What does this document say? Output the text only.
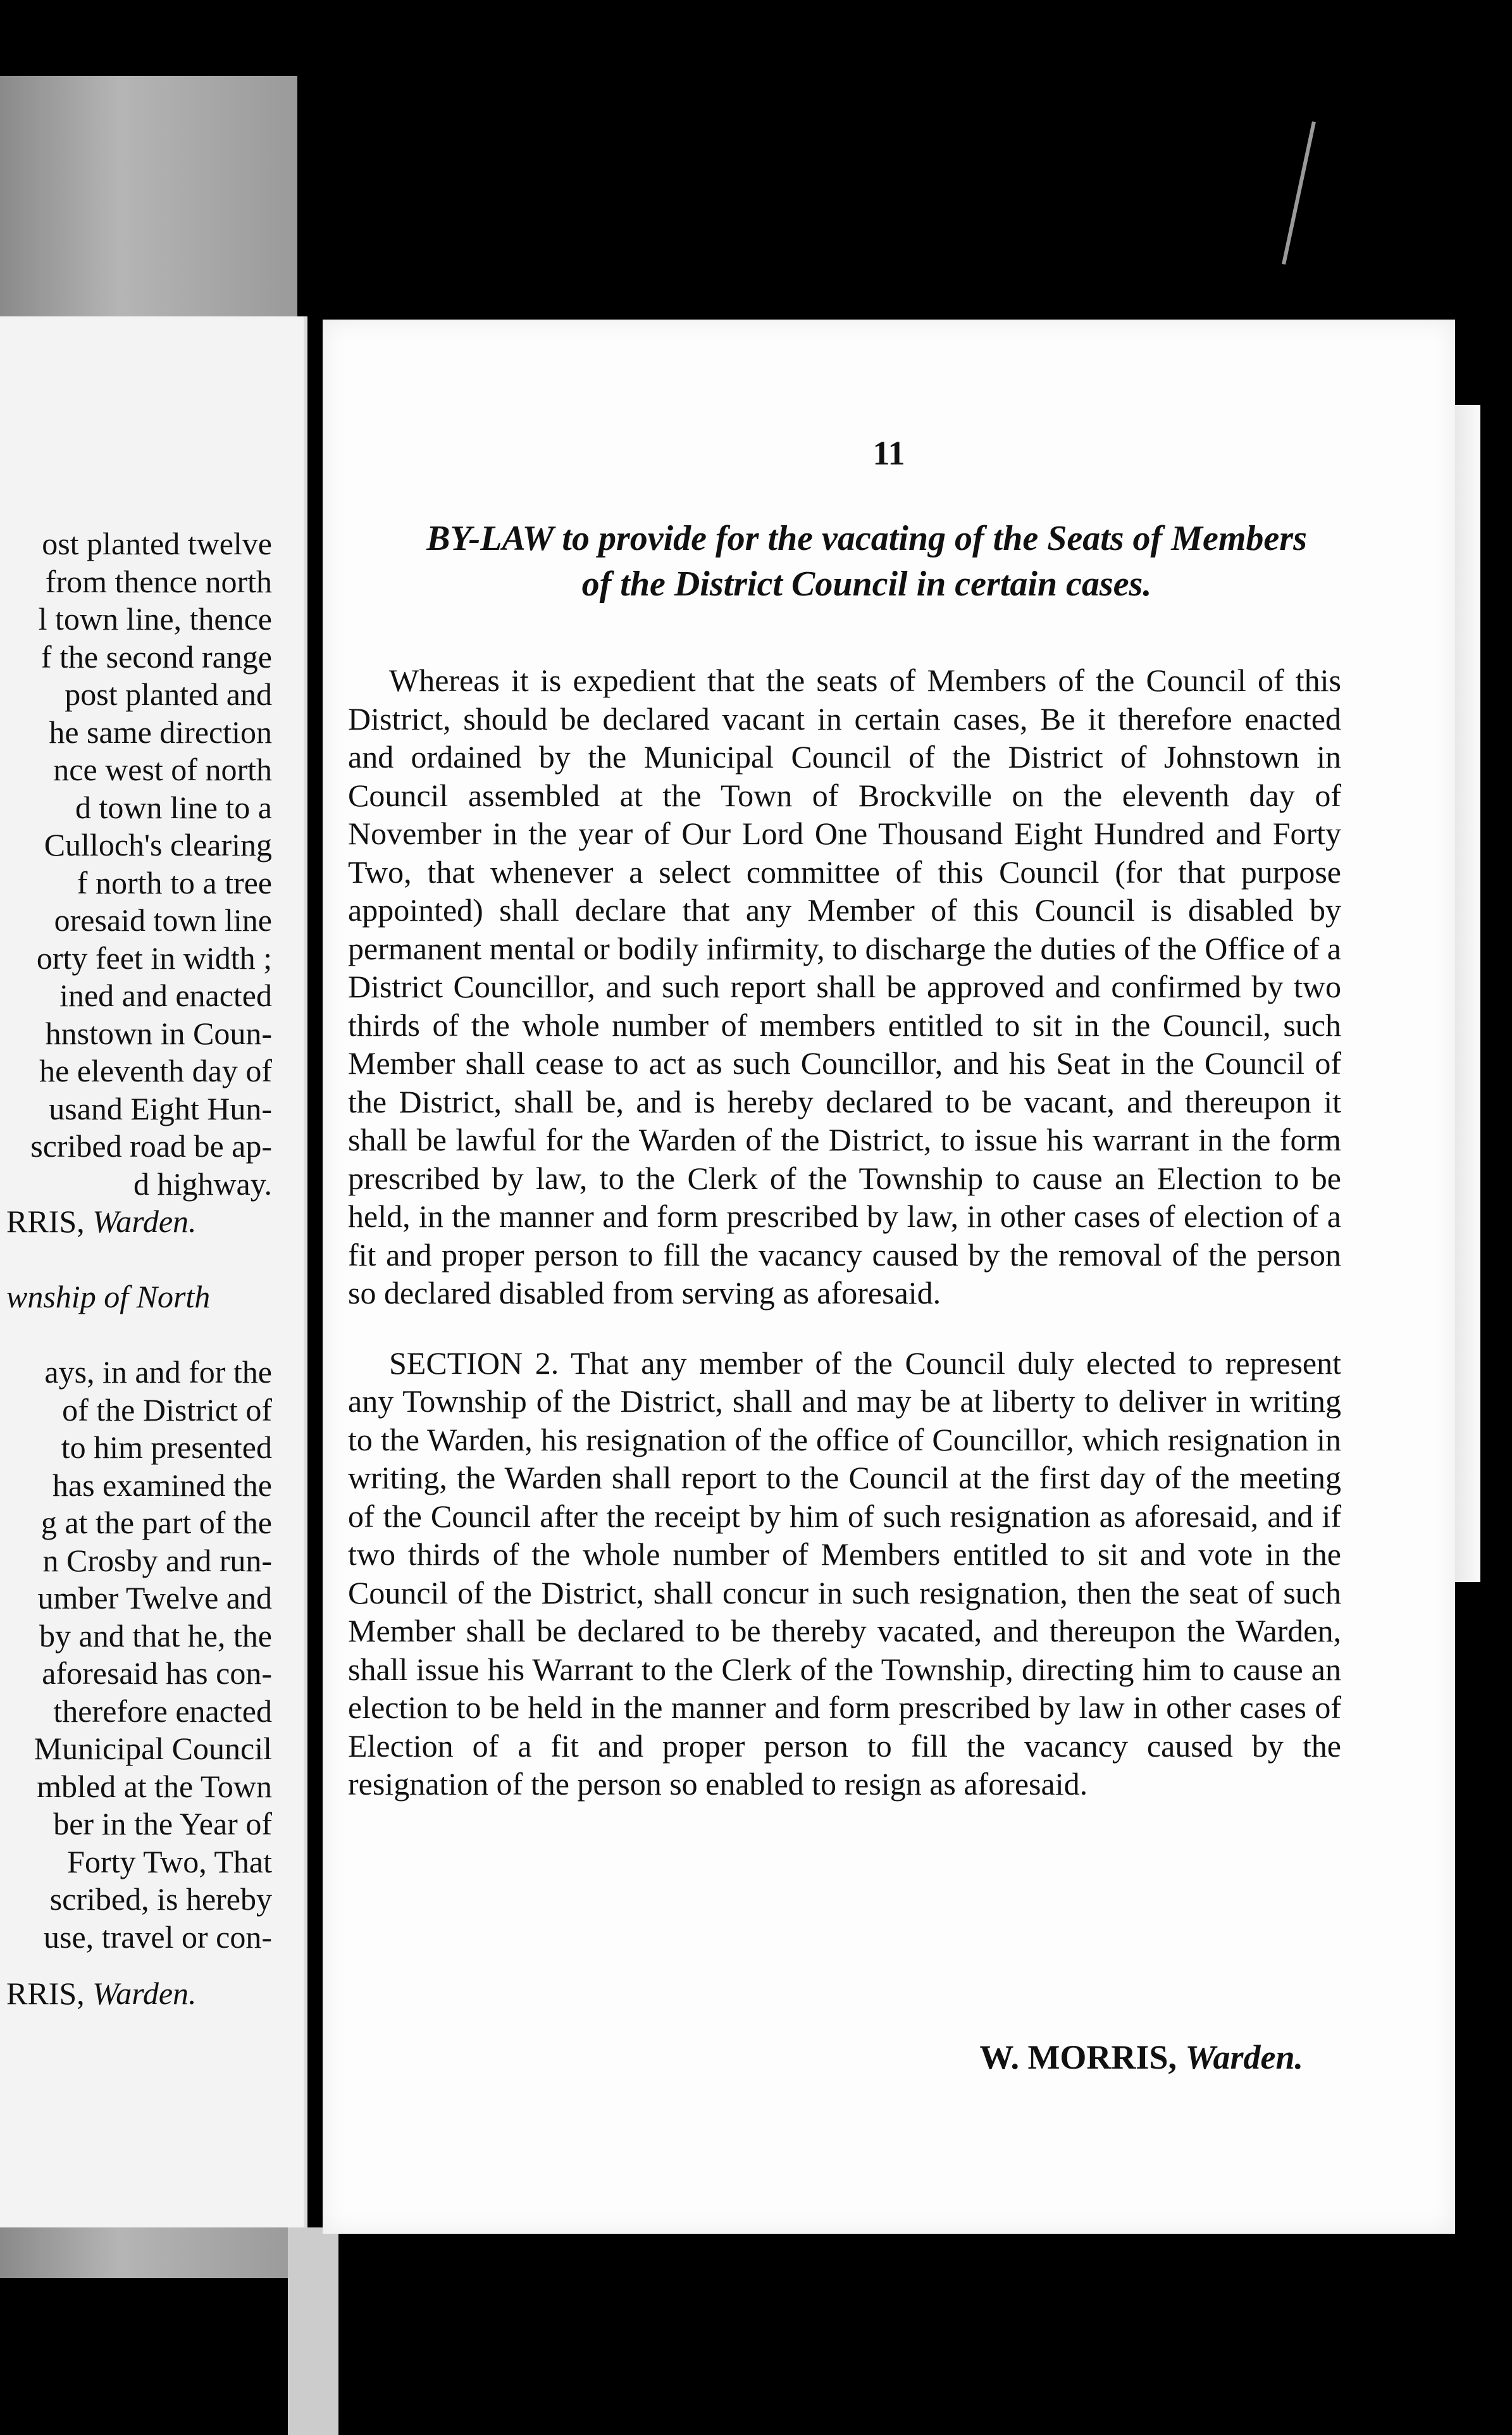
ost planted twelve
from thence north
l town line, thence
f the second range
post planted and
he same direction
nce west of north
d town line to a
Culloch's clearing
f north to a tree
oresaid town line
orty feet in width ;
ined and enacted
hnstown in Coun-
he eleventh day of
usand Eight Hun-
scribed road be ap-
d highway.
RRIS, Warden.
wnship of North
ays, in and for the
of the District of
to him presented
has examined the
g at the part of the
n Crosby and run-
umber Twelve and
by and that he, the
aforesaid has con-
therefore enacted
Municipal Council
mbled at the Town
ber in the Year of
Forty Two, That
scribed, is hereby
use, travel or con-
RRIS, Warden.
11
BY-LAW to provide for the vacating of the Seats of Members
of the District Council in certain cases.

Whereas it is expedient that the seats of Members of the Council of this District, should be declared vacant in certain cases, Be it therefore enacted and ordained by the Municipal Council of the District of Johnstown in Council assembled at the Town of Brockville on the eleventh day of November in the year of Our Lord One Thousand Eight Hundred and Forty Two, that whenever a select committee of this Council (for that purpose appointed) shall declare that any Member of this Council is disabled by permanent mental or bodily infirmity, to discharge the duties of the Office of a District Councillor, and such report shall be approved and confirmed by two thirds of the whole number of members entitled to sit in the Council, such Member shall cease to act as such Councillor, and his Seat in the Council of the District, shall be, and is hereby declared to be vacant, and thereupon it shall be lawful for the Warden of the District, to issue his warrant in the form prescribed by law, to the Clerk of the Township to cause an Election to be held, in the manner and form prescribed by law, in other cases of election of a fit and proper person to fill the vacancy caused by the removal of the person so declared disabled from serving as aforesaid.

SECTION 2. That any member of the Council duly elected to represent any Township of the District, shall and may be at liberty to deliver in writing to the Warden, his resignation of the office of Councillor, which resignation in writing, the Warden shall report to the Council at the first day of the meeting of the Council after the receipt by him of such resignation as aforesaid, and if two thirds of the whole number of Members entitled to sit and vote in the Council of the District, shall concur in such resignation, then the seat of such Member shall be declared to be thereby vacated, and thereupon the Warden, shall issue his Warrant to the Clerk of the Township, directing him to cause an election to be held in the manner and form prescribed by law in other cases of Election of a fit and proper person to fill the vacancy caused by the resignation of the person so enabled to resign as aforesaid.

W. MORRIS, Warden.
